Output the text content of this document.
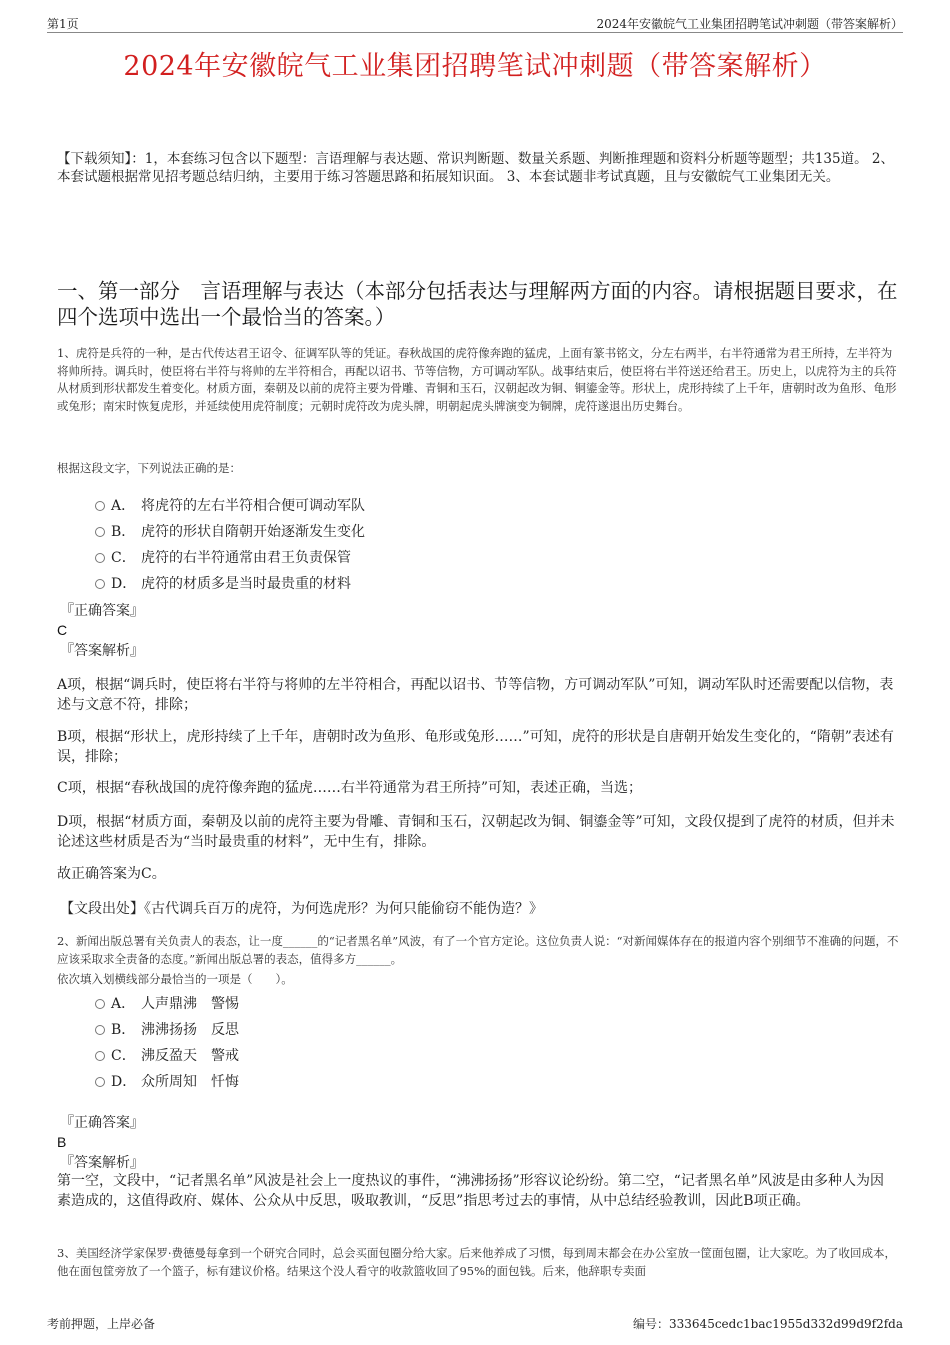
第1页	2024年安徽皖气工业集团招聘笔试冲刺题（带答案解析）
2024年安徽皖气工业集团招聘笔试冲刺题（带答案解析）
【下载须知】：1，本套练习包含以下题型：言语理解与表达题、常识判断题、数量关系题、判断推理题和资料分析题等题型；共135道。 2、本套试题根据常见招考题总结归纳，主要用于练习答题思路和拓展知识面。 3、本套试题非考试真题，且与安徽皖气工业集团无关。
一、第一部分　言语理解与表达（本部分包括表达与理解两方面的内容。请根据题目要求，在四个选项中选出一个最恰当的答案。）
1、虎符是兵符的一种，是古代传达君王诏令、征调军队等的凭证。春秋战国的虎符像奔跑的猛虎，上面有篆书铭文，分左右两半，右半符通常为君王所持，左半符为将帅所持。调兵时，使臣将右半符与将帅的左半符相合，再配以诏书、节等信物，方可调动军队。战事结束后，使臣将右半符送还给君王。历史上，以虎符为主的兵符从材质到形状都发生着变化。材质方面，秦朝及以前的虎符主要为骨雕、青铜和玉石，汉朝起改为铜、铜鎏金等。形状上，虎形持续了上千年，唐朝时改为鱼形、龟形或兔形；南宋时恢复虎形，并延续使用虎符制度；元朝时虎符改为虎头牌，明朝起虎头牌演变为铜牌，虎符遂退出历史舞台。
根据这段文字，下列说法正确的是：
A． 将虎符的左右半符相合便可调动军队
B． 虎符的形状自隋朝开始逐渐发生变化
C． 虎符的右半符通常由君王负责保管
D． 虎符的材质多是当时最贵重的材料
『正确答案』
C
『答案解析』
A项，根据“调兵时，使臣将右半符与将帅的左半符相合，再配以诏书、节等信物，方可调动军队”可知，调动军队时还需要配以信物，表述与文意不符，排除；
B项，根据“形状上，虎形持续了上千年，唐朝时改为鱼形、龟形或兔形……”可知，虎符的形状是自唐朝开始发生变化的，“隋朝”表述有误，排除；
C项，根据“春秋战国的虎符像奔跑的猛虎……右半符通常为君王所持”可知，表述正确，当选；
D项，根据“材质方面，秦朝及以前的虎符主要为骨雕、青铜和玉石，汉朝起改为铜、铜鎏金等”可知，文段仅提到了虎符的材质，但并未论述这些材质是否为“当时最贵重的材料”，无中生有，排除。
故正确答案为C。
【文段出处】《古代调兵百万的虎符，为何选虎形？为何只能偷窃不能伪造？》
2、新闻出版总署有关负责人的表态，让一度______的“记者黑名单”风波，有了一个官方定论。这位负责人说：“对新闻媒体存在的报道内容个别细节不准确的问题，不应该采取求全责备的态度。”新闻出版总署的表态，值得多方______。
依次填入划横线部分最恰当的一项是（　　）。
A． 人声鼎沸　警惕
B． 沸沸扬扬　反思
C． 沸反盈天　警戒
D． 众所周知　忏悔
『正确答案』
B
『答案解析』
第一空，文段中，“记者黑名单”风波是社会上一度热议的事件，“沸沸扬扬”形容议论纷纷。第二空，“记者黑名单”风波是由多种人为因素造成的，这值得政府、媒体、公众从中反思，吸取教训，“反思”指思考过去的事情，从中总结经验教训，因此B项正确。
3、美国经济学家保罗·费德曼每拿到一个研究合同时，总会买面包圈分给大家。后来他养成了习惯，每到周末都会在办公室放一筐面包圈，让大家吃。为了收回成本，他在面包筐旁放了一个篮子，标有建议价格。结果这个没人看守的收款篮收回了95%的面包钱。后来，他辞职专卖面
考前押题，上岸必备	编号：333645cedc1bac1955d332d99d9f2fda
